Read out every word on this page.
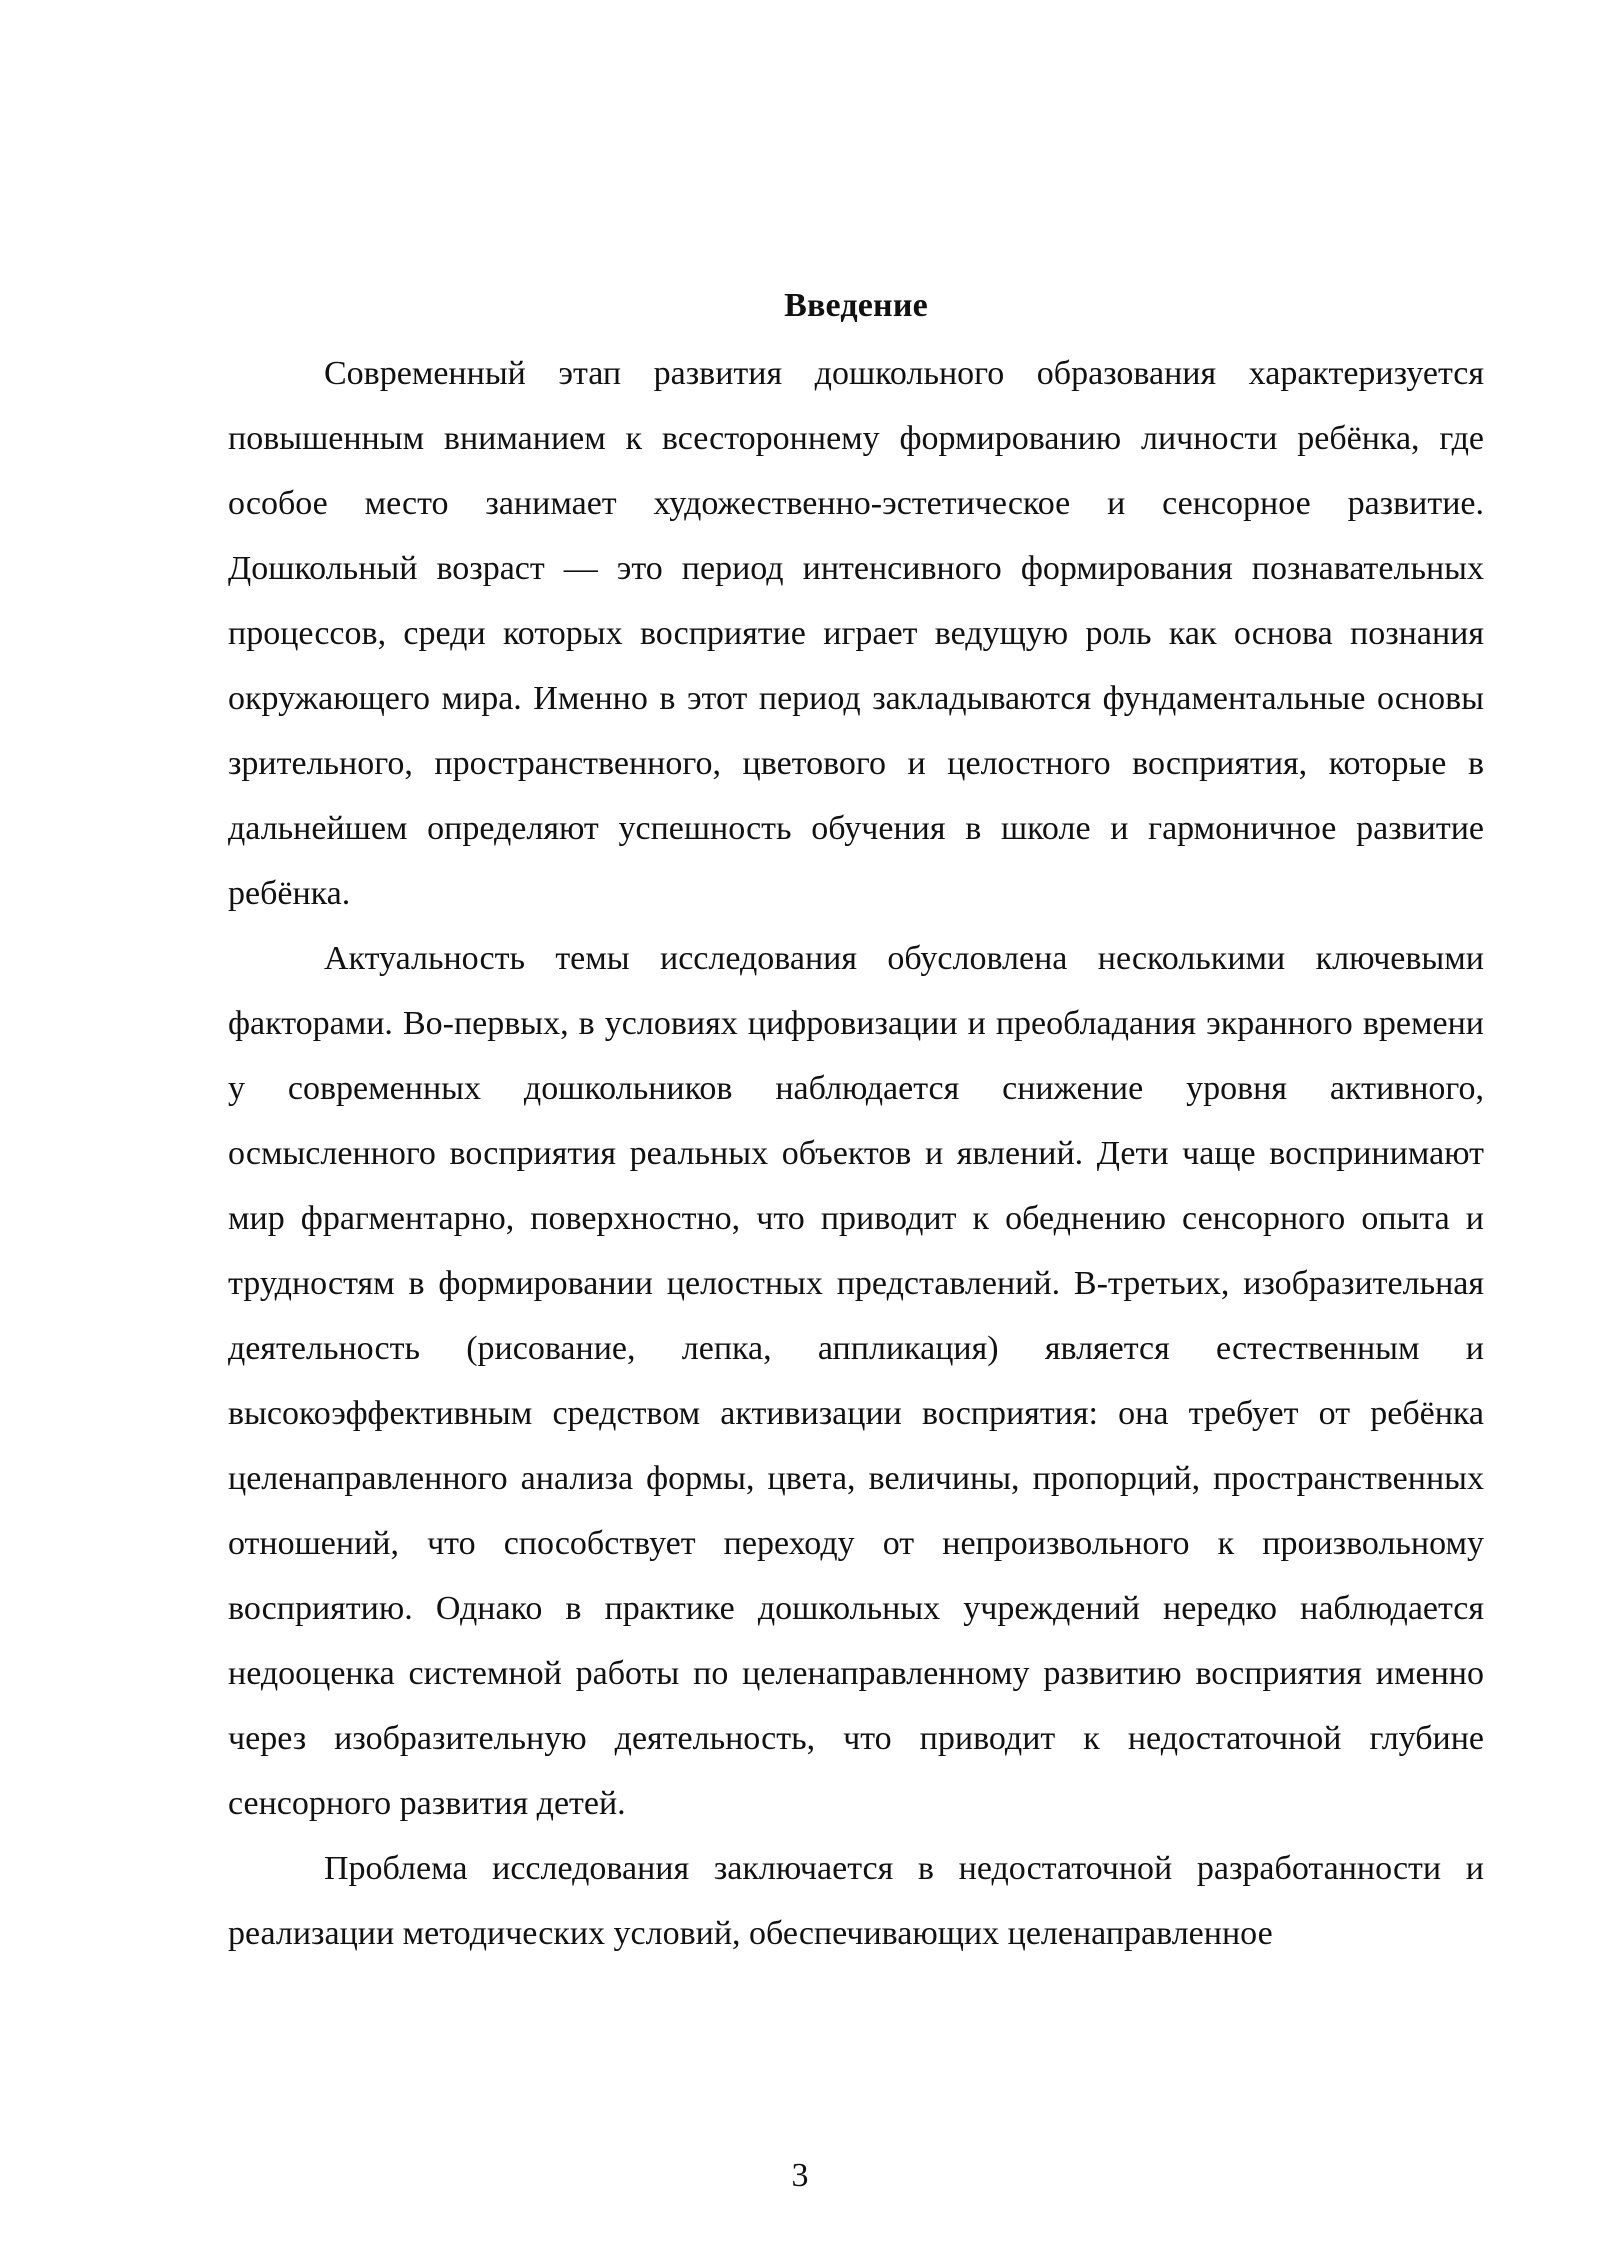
Введение

Современный этап развития дошкольного образования характеризуется повышенным вниманием к всестороннему формированию личности ребёнка, где особое место занимает художественно-эстетическое и сенсорное развитие. Дошкольный возраст — это период интенсивного формирования познавательных процессов, среди которых восприятие играет ведущую роль как основа познания окружающего мира. Именно в этот период закладываются фундаментальные основы зрительного, пространственного, цветового и целостного восприятия, которые в дальнейшем определяют успешность обучения в школе и гармоничное развитие ребёнка.

Актуальность темы исследования обусловлена несколькими ключевыми факторами. Во-первых, в условиях цифровизации и преобладания экранного времени у современных дошкольников наблюдается снижение уровня активного, осмысленного восприятия реальных объектов и явлений. Дети чаще воспринимают мир фрагментарно, поверхностно, что приводит к обеднению сенсорного опыта и трудностям в формировании целостных представлений. В-третьих, изобразительная деятельность (рисование, лепка, аппликация) является естественным и высокоэффективным средством активизации восприятия: она требует от ребёнка целенаправленного анализа формы, цвета, величины, пропорций, пространственных отношений, что способствует переходу от непроизвольного к произвольному восприятию. Однако в практике дошкольных учреждений нередко наблюдается недооценка системной работы по целенаправленному развитию восприятия именно через изобразительную деятельность, что приводит к недостаточной глубине сенсорного развития детей.

Проблема исследования заключается в недостаточной разработанности и реализации методических условий, обеспечивающих целенаправленное

3
